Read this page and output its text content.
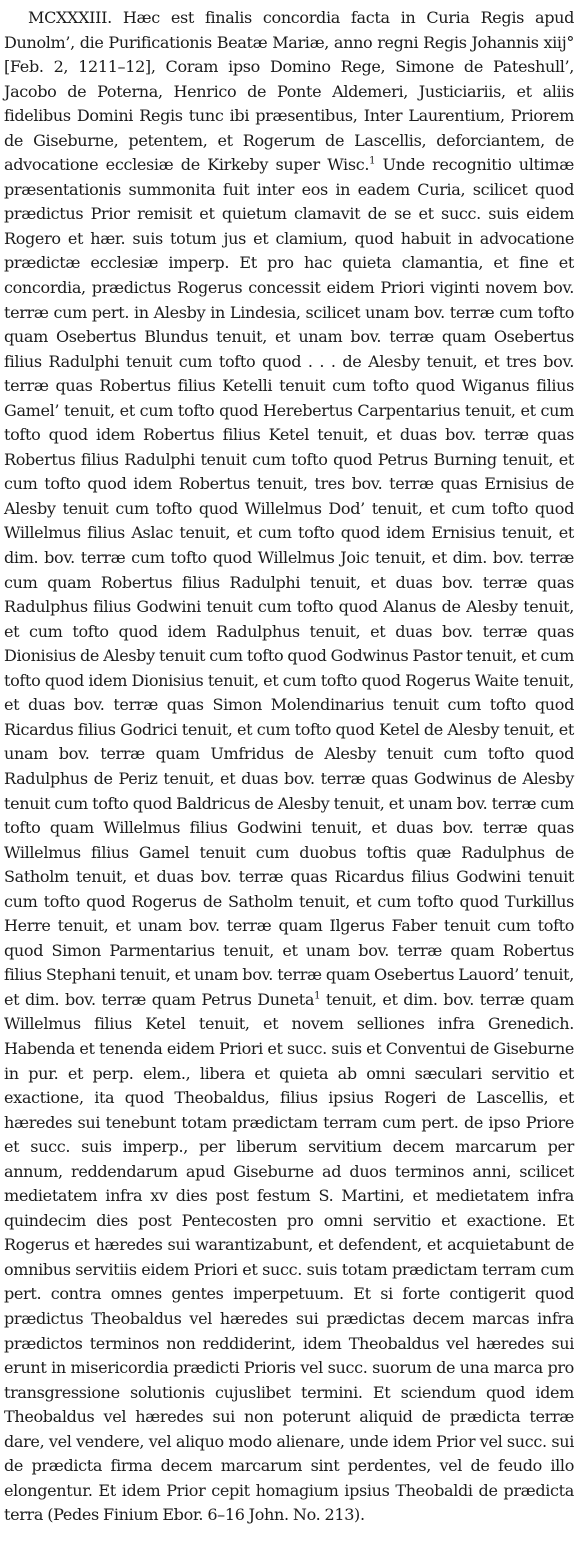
MCXXXIII. Hæc est finalis concordia facta in Curia Regis apud Dunolm’, die Purificationis Beatæ Mariæ, anno regni Regis Johannis xiij° [Feb. 2, 1211–12], Coram ipso Domino Rege, Simone de Pateshull’, Jacobo de Poterna, Henrico de Ponte Aldemeri, Justiciariis, et aliis fidelibus Domini Regis tunc ibi præsentibus, Inter Laurentium, Priorem de Giseburne, petentem, et Rogerum de Lascellis, deforciantem, de advocatione ecclesiæ de Kirkeby super Wisc.$^1$ Unde recognitio ultimæ præsentationis summonita fuit inter eos in eadem Curia, scilicet quod prædictus Prior remisit et quietum clamavit de se et succ. suis eidem Rogero et hær. suis totum jus et clamium, quod habuit in advocatione prædictæ ecclesiæ imperp. Et pro hac quieta clamantia, et fine et concordia, prædictus Rogerus concessit eidem Priori viginti novem bov. terræ cum pert. in Alesby in Lindesia, scilicet unam bov. terræ cum tofto quam Osebertus Blundus tenuit, et unam bov. terræ quam Osebertus filius Radulphi tenuit cum tofto quod . . . de Alesby tenuit, et tres bov. terræ quas Robertus filius Ketelli tenuit cum tofto quod Wiganus filius Gamel’ tenuit, et cum tofto quod Herebertus Carpentarius tenuit, et cum tofto quod idem Robertus filius Ketel tenuit, et duas bov. terræ quas Robertus filius Radulphi tenuit cum tofto quod Petrus Burning tenuit, et cum tofto quod idem Robertus tenuit, tres bov. terræ quas Ernisius de Alesby tenuit cum tofto quod Willelmus Dod’ tenuit, et cum tofto quod Willelmus filius Aslac tenuit, et cum tofto quod idem Ernisius tenuit, et dim. bov. terræ cum tofto quod Willelmus Joic tenuit, et dim. bov. terræ cum quam Robertus filius Radulphi tenuit, et duas bov. terræ quas Radulphus filius Godwini tenuit cum tofto quod Alanus de Alesby tenuit, et cum tofto quod idem Radulphus tenuit, et duas bov. terræ quas Dionisius de Alesby tenuit cum tofto quod Godwinus Pastor tenuit, et cum tofto quod idem Dionisius tenuit, et cum tofto quod Rogerus Waite tenuit, et duas bov. terræ quas Simon Molendinarius tenuit cum tofto quod Ricardus filius Godrici tenuit, et cum tofto quod Ketel de Alesby tenuit, et unam bov. terræ quam Umfridus de Alesby tenuit cum tofto quod Radulphus de Periz tenuit, et duas bov. terræ quas Godwinus de Alesby tenuit cum tofto quod Baldricus de Alesby tenuit, et unam bov. terræ cum tofto quam Willelmus filius Godwini tenuit, et duas bov. terræ quas Willelmus filius Gamel tenuit cum duobus toftis quæ Radulphus de Satholm tenuit, et duas bov. terræ quas Ricardus filius Godwini tenuit cum tofto quod Rogerus de Satholm tenuit, et cum tofto quod Turkillus Herre tenuit, et unam bov. terræ quam Ilgerus Faber tenuit cum tofto quod Simon Parmentarius tenuit, et unam bov. terræ quam Robertus filius Stephani tenuit, et unam bov. terræ quam Osebertus Lauord’ tenuit, et dim. bov. terræ quam Petrus Duneta$^1$ tenuit, et dim. bov. terræ quam Willelmus filius Ketel tenuit, et novem selliones infra Grenedich. Habenda et tenenda eidem Priori et succ. suis et Conventui de Giseburne in pur. et perp. elem., libera et quieta ab omni sæculari servitio et exactione, ita quod Theobaldus, filius ipsius Rogeri de Lascellis, et hæredes sui tenebunt totam prædictam terram cum pert. de ipso Priore et succ. suis imperp., per liberum servitium decem marcarum per annum, reddendarum apud Giseburne ad duos terminos anni, scilicet medietatem infra xv dies post festum S. Martini, et medietatem infra quindecim dies post Pentecosten pro omni servitio et exactione. Et Rogerus et hæredes sui warantizabunt, et defendent, et acquietabunt de omnibus servitiis eidem Priori et succ. suis totam prædictam terram cum pert. contra omnes gentes imperpetuum. Et si forte contigerit quod prædictus Theobaldus vel hæredes sui prædictas decem marcas infra prædictos terminos non reddiderint, idem Theobaldus vel hæredes sui erunt in misericordia prædicti Prioris vel succ. suorum de una marca pro transgressione solutionis cujuslibet termini. Et sciendum quod idem Theobaldus vel hæredes sui non poterunt aliquid de prædicta terræ dare, vel vendere, vel aliquo modo alienare, unde idem Prior vel succ. sui de prædicta firma decem marcarum sint perdentes, vel de feudo illo elongentur. Et idem Prior cepit homagium ipsius Theobaldi de prædicta terra (Pedes Finium Ebor. 6–16 John. No. 213).
